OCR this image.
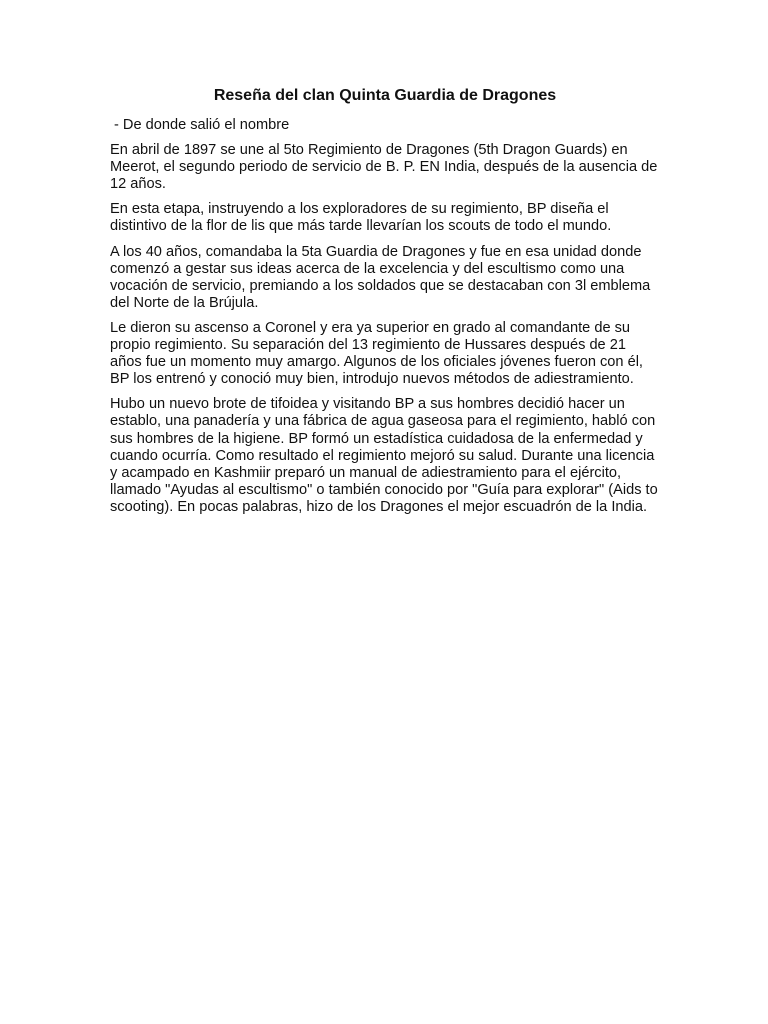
Reseña del clan Quinta Guardia de Dragones
- De donde salió el nombre

En abril de 1897 se une al 5to Regimiento de Dragones (5th Dragon Guards) en Meerot, el segundo periodo de servicio de B. P. EN India, después de la ausencia de 12 años.

En esta etapa, instruyendo a los exploradores de su regimiento, BP diseña el distintivo de la flor de lis que más tarde llevarían los scouts de todo el mundo.

A los 40 años, comandaba la 5ta Guardia de Dragones y fue en esa unidad donde comenzó a gestar sus ideas acerca de la excelencia y del escultismo como una vocación de servicio, premiando a los soldados que se destacaban con 3l emblema del Norte de la Brújula.

Le dieron su ascenso a Coronel y era ya superior en grado al comandante de su propio regimiento. Su separación del 13 regimiento de Hussares después de 21 años fue un momento muy amargo. Algunos de los oficiales jóvenes fueron con él, BP los entrenó y conoció muy bien, introdujo nuevos métodos de adiestramiento.

Hubo un nuevo brote de tifoidea y visitando BP a sus hombres decidió hacer un establo, una panadería y una fábrica de agua gaseosa para el regimiento, habló con sus hombres de la higiene. BP formó un estadística cuidadosa de la enfermedad y cuando ocurría. Como resultado el regimiento mejoró su salud. Durante una licencia y acampado en Kashmiir preparó un manual de adiestramiento para el ejército, llamado "Ayudas al escultismo" o también conocido por "Guía para explorar" (Aids to scooting). En pocas palabras, hizo de los Dragones el mejor escuadrón de la India.
